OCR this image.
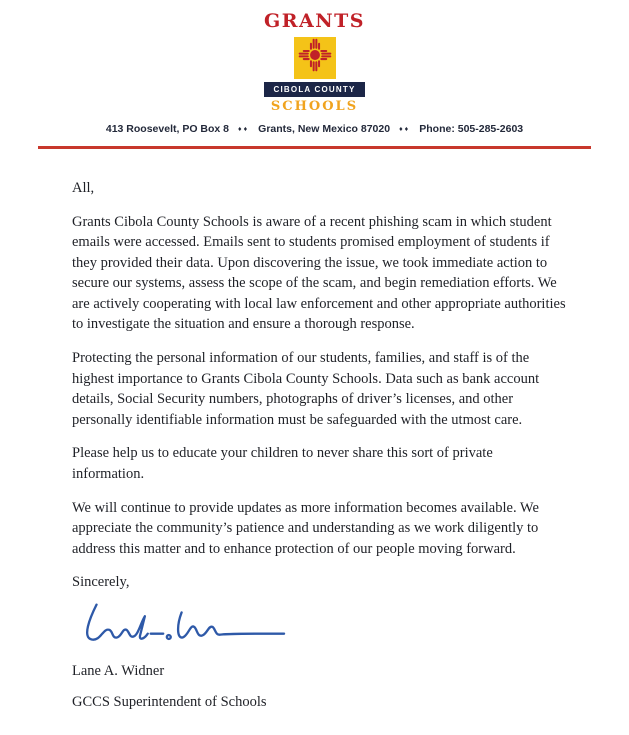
GRANTS
CIBOLA COUNTY
SCHOOLS
413 Roosevelt, PO Box 8 ♦♦ Grants, New Mexico 87020 ♦♦ Phone: 505-285-2603

All,

Grants Cibola County Schools is aware of a recent phishing scam in which student emails were accessed. Emails sent to students promised employment of students if they provided their data. Upon discovering the issue, we took immediate action to secure our systems, assess the scope of the scam, and begin remediation efforts. We are actively cooperating with local law enforcement and other appropriate authorities to investigate the situation and ensure a thorough response.

Protecting the personal information of our students, families, and staff is of the highest importance to Grants Cibola County Schools. Data such as bank account details, Social Security numbers, photographs of driver’s licenses, and other personally identifiable information must be safeguarded with the utmost care.

Please help us to educate your children to never share this sort of private information.

We will continue to provide updates as more information becomes available. We appreciate the community’s patience and understanding as we work diligently to address this matter and to enhance protection of our people moving forward.

Sincerely,

Lane A. Widner

GCCS Superintendent of Schools
